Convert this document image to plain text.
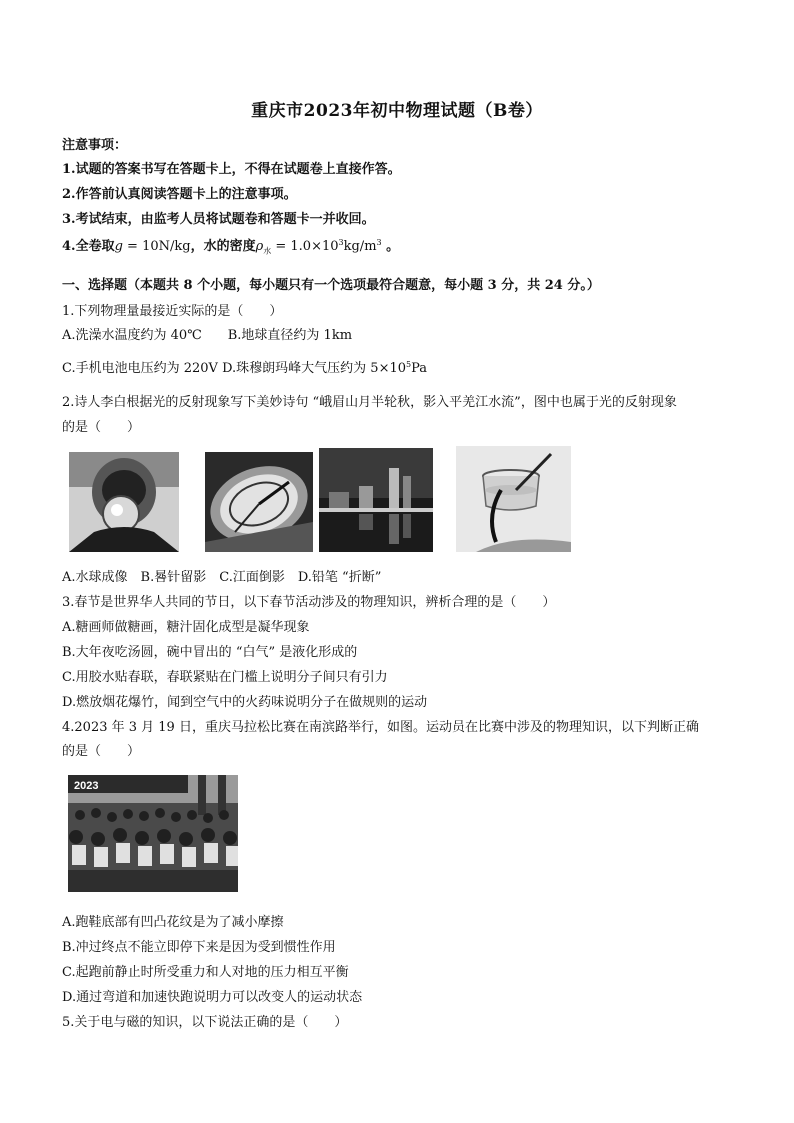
重庆市2023年初中物理试题（B卷）
注意事项：
1.试题的答案书写在答题卡上，不得在试题卷上直接作答。
2.作答前认真阅读答题卡上的注意事项。
3.考试结束，由监考人员将试题卷和答题卡一并收回。
4.全卷取g = 10N/kg，水的密度$\rho_水 = 1.0\times 10^3kg/m^3$ 。
一、选择题（本题共 8 个小题，每小题只有一个选项最符合题意，每小题 3 分，共 24 分。）
1.下列物理量最接近实际的是（　　）
A.洗澡水温度约为 40℃　　B.地球直径约为 1km
C.手机电池电压约为 220V D.珠穆朗玛峰大气压约为 $5\times 10^5Pa$
2.诗人李白根据光的反射现象写下美妙诗句 “峨眉山月半轮秋，影入平羌江水流”，图中也属于光的反射现象
的是（　　）
A.水球成像　B.晷针留影　C.江面倒影　D.铅笔 “折断”
3.春节是世界华人共同的节日，以下春节活动涉及的物理知识，辨析合理的是（　　）
A.糖画师做糖画，糖汁固化成型是凝华现象
B.大年夜吃汤圆，碗中冒出的 “白气” 是液化形成的
C.用胶水贴春联，春联紧贴在门槛上说明分子间只有引力
D.燃放烟花爆竹，闻到空气中的火药味说明分子在做规则的运动
4.2023 年 3 月 19 日，重庆马拉松比赛在南滨路举行，如图。运动员在比赛中涉及的物理知识，以下判断正确
的是（　　）
2023
A.跑鞋底部有凹凸花纹是为了减小摩擦
B.冲过终点不能立即停下来是因为受到惯性作用
C.起跑前静止时所受重力和人对地的压力相互平衡
D.通过弯道和加速快跑说明力可以改变人的运动状态
5.关于电与磁的知识，以下说法正确的是（　　）
